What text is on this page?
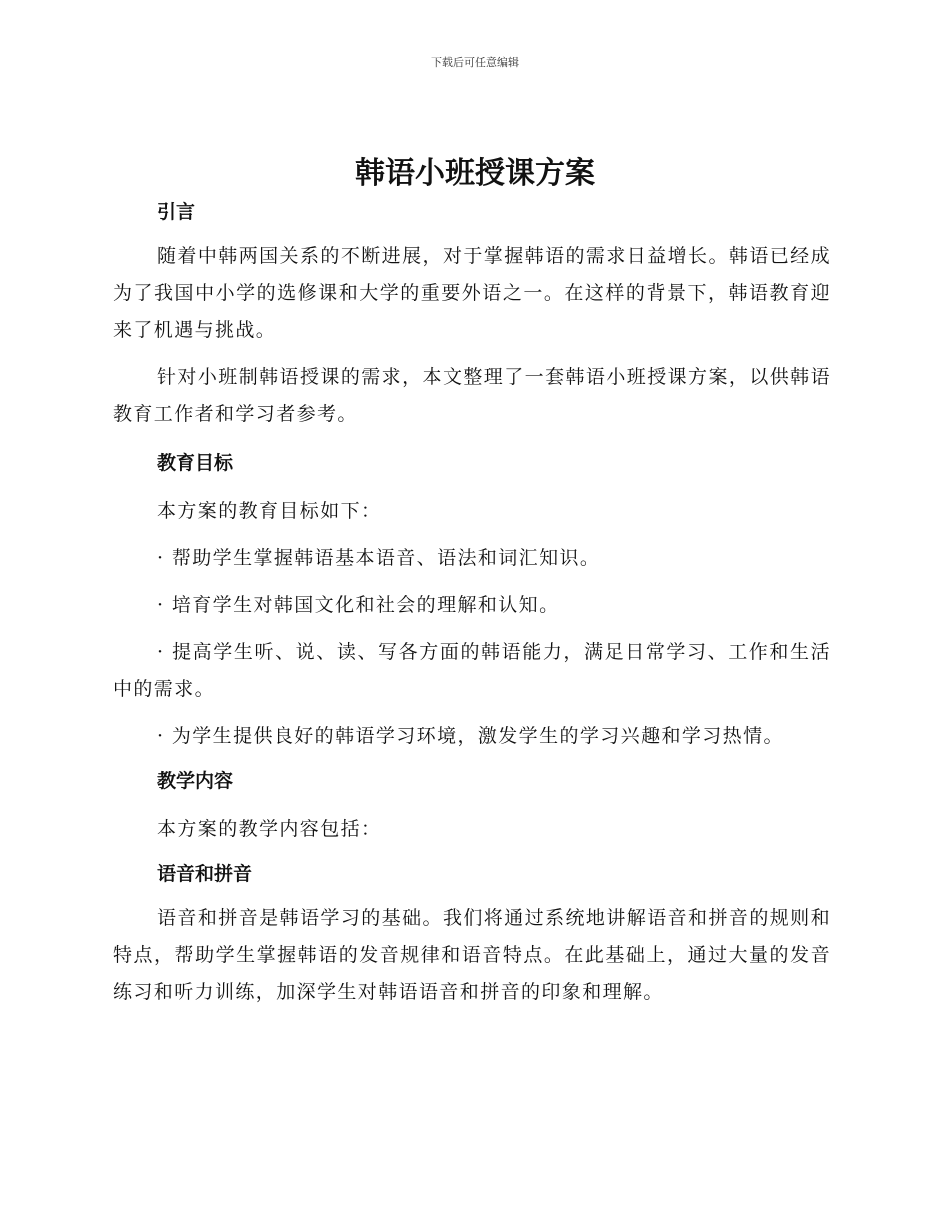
下载后可任意编辑
韩语小班授课方案
引言

随着中韩两国关系的不断进展，对于掌握韩语的需求日益增长。韩语已经成为了我国中小学的选修课和大学的重要外语之一。在这样的背景下，韩语教育迎来了机遇与挑战。

针对小班制韩语授课的需求，本文整理了一套韩语小班授课方案，以供韩语教育工作者和学习者参考。

教育目标

本方案的教育目标如下：

· 帮助学生掌握韩语基本语音、语法和词汇知识。

· 培育学生对韩国文化和社会的理解和认知。

· 提高学生听、说、读、写各方面的韩语能力，满足日常学习、工作和生活中的需求。

· 为学生提供良好的韩语学习环境，激发学生的学习兴趣和学习热情。

教学内容

本方案的教学内容包括：

语音和拼音

语音和拼音是韩语学习的基础。我们将通过系统地讲解语音和拼音的规则和特点，帮助学生掌握韩语的发音规律和语音特点。在此基础上，通过大量的发音练习和听力训练，加深学生对韩语语音和拼音的印象和理解。
